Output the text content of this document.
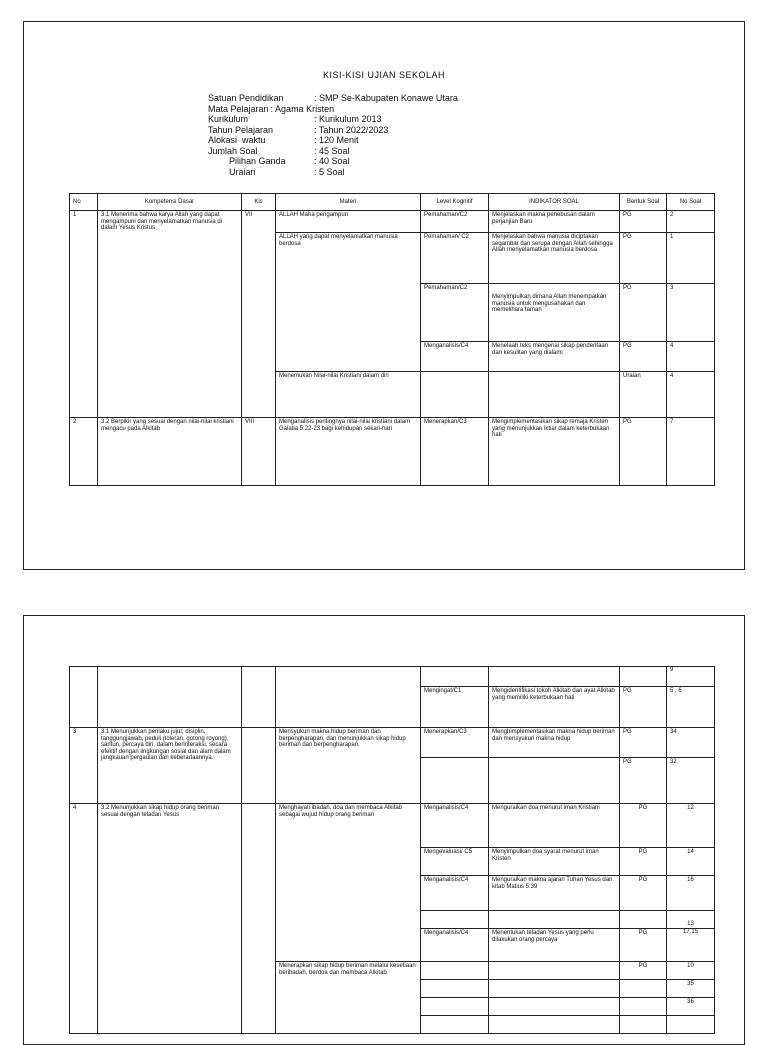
KISI-KISI UJIAN SEKOLAH
Satuan Pendidikan	: SMP Se-Kabupaten Konawe Utara
Mata Pelajaran : Agama Kristen
Kurikulum	: Kurikulum 2013
Tahun Pelajaran	: Tahun 2022/2023
Alokasi  waktu	: 120 Menit
Jumlah Soal	: 45 Soal
Pilihan Ganda	: 40 Soal
Uraian	: 5 Soal
No	Kompetensi Dasar	Kls	Materi	Level Kognitif	INDIKATOR SOAL	Bentuk Soal	No Soal
1	3.1 Menerima bahwa karya Allah yang dapat mengampuni dan menyelamatkan manusia di dalam Yesus Kristus	VII	ALLAH Maha pengampun	Pemahaman/C2	Menjelaskan makna penebusan dalam perjanjian Baru	PG	2
			ALLAH yang dapat menyelamatkan manusia berdosa	Pemahaman/ C2	Menjelaskan bahwa manusia diciptakan segambar dan serupa dengan Allah sehingga Allah menyelamatkan manusia berdosa	PG	1
				Pemahaman/C2	Menyimpulkan dimana Allah menempatkan manusia untuk mengusahakan dan memelihara taman	PG	3
				Menganalisis/C4	Menelaah teks mengenai sikap penderitaan dan kesulitan yang dialami	PG	4
			Menemukan Nilai-nilai Kristiani dalam diri			Uraian	4
2	3.2 Berpikir yang sesuai dengan nilai-nilai kristiani mengacu pada Alkitab	VIII	Menganalisis pentingnya nilai-nilai kristiani dalam Galatia 5:22-23 bagi kehidupan sekari-hari	Menerapkan/C3	Mengimplementasikan sikap remaja Kristen yang menunjukkan iktiar dalam keterbukaan hati	PG	7
							9
				Mengingat/C1	Mengidentifikasi tokoh Alkitab dan ayat Alkitab yang memiliki keterbukaan hati	PG	5 , 6
3	3.1 Menunjukkan perilaku jujur, disiplin, tanggungjawab, peduli (toleran, gotong royong), santun, percaya diri, dalam berinteraksi, secara efektif dengan lingkungan sosial dan alam dalam jangkauan pergaulan dan keberadaannya.		Mensyukuri makna hidup beriman dan berpengharapan, dan menunjukkan sikap hidup beriman dan berpengharapan.	Menerapkan/C3	Menghimplementasikan makna hidup beriman dan mensyukuri makna hidup	PG	34
						PG	32
4	3.2 Menunjukkan sikap hidup orang beriman sesuai dengan teladan Yesus		Menghayati ibadah, doa dan membaca Alkitab sebagai wujud hidup orang beriman	Menganalisis/C4	Menguraikan doa menurut iman Kristiani	PG	12
				Mengevaluasi/ C5	Menyimpulkan doa syarat menurut iman Kristen	PG	14
				Menganalisis/C4	Menguraikan makna ajaran Tuhan Yesus dari kitab Matius 5:39	PG	16
							13
				Menganalisis/C4	Menentukan teladan Yesus yang perlu dilakukan orang percaya	PG	17,15
			Menerapkan sikap hidup beriman melalui kesetiaan beribadah, berdoa dan membaca Alkitab			PG	10
							35
							36
